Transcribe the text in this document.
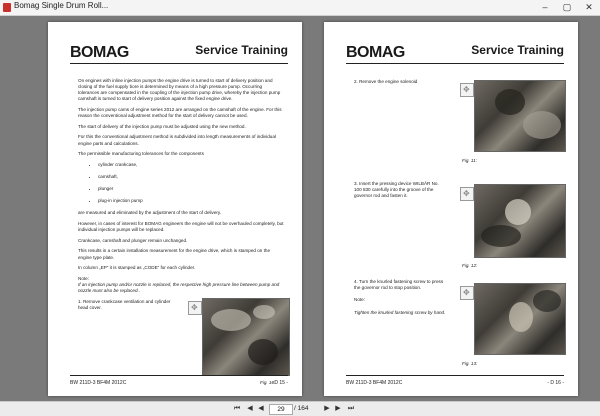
Bomag Single Drum Roll...	–	▢	✕
BOMAG	Service Training

On engines with inline injection pumps the engine drive is turned to start of delivery position and closing of the fuel supply bore is determined by means of a high pressure pump. Occurring tolerances are compensated in the coupling of the injection pump drive, whereby the injection pump camshaft is turned to start of delivery position against the fixed engine drive.

The injection pump cams of engine series 2012 are arranged on the camshaft of the engine. For this reason the conventional adjustment method for the start of delivery cannot be used.

The start of delivery of the injection pump must be adjusted using the new method.

For this the conventional adjustment method is subdivided into length measurements of individual engine parts and calculations.

The permissible manufacturing tolerances for the components

• cylinder crankcase,
• camshaft,
• plunger
• plug-in injection pump

are measured and eliminated by the adjustment of the start of delivery.

However, in cases of interest for BOMAG engineers the engine will not be overhauled completely, but individual injection pumps will be replaced.

Crankcase, camshaft and plunger remain unchanged.

This results in a certain installation measurement for the engine drive, which is stamped on the engine type plate.

In column „EP“ it is stamped as „CODE“ for each cylinder.

Note:

If an injection pump and/or nozzle is replaced, the respective high pressure line between pump and nozzle must also be replaced..

1. Remove crankcase ventilation and cylinder head cover.	✥
Fig. 10:
BW 211D-3 BF4M 2012C	- D 15 -
BOMAG	Service Training
2. Remove the engine solenoid
✥
Fig. 11:
3. Insert the pressing device WILBÄR No. 100 830 carefully into the groove of the governor rod and fasten it.	✥
Fig. 12:
4. Turn the knurled fastening screw to press the governor rod to stop position.
Note:
Tighten the knurled fastening screw by hand.
✥
Fig. 13:
BW 211D-3 BF4M 2012C	- D 16 -
⏮	◀ ◀	29	/ 164	▶ ▶	⏭
